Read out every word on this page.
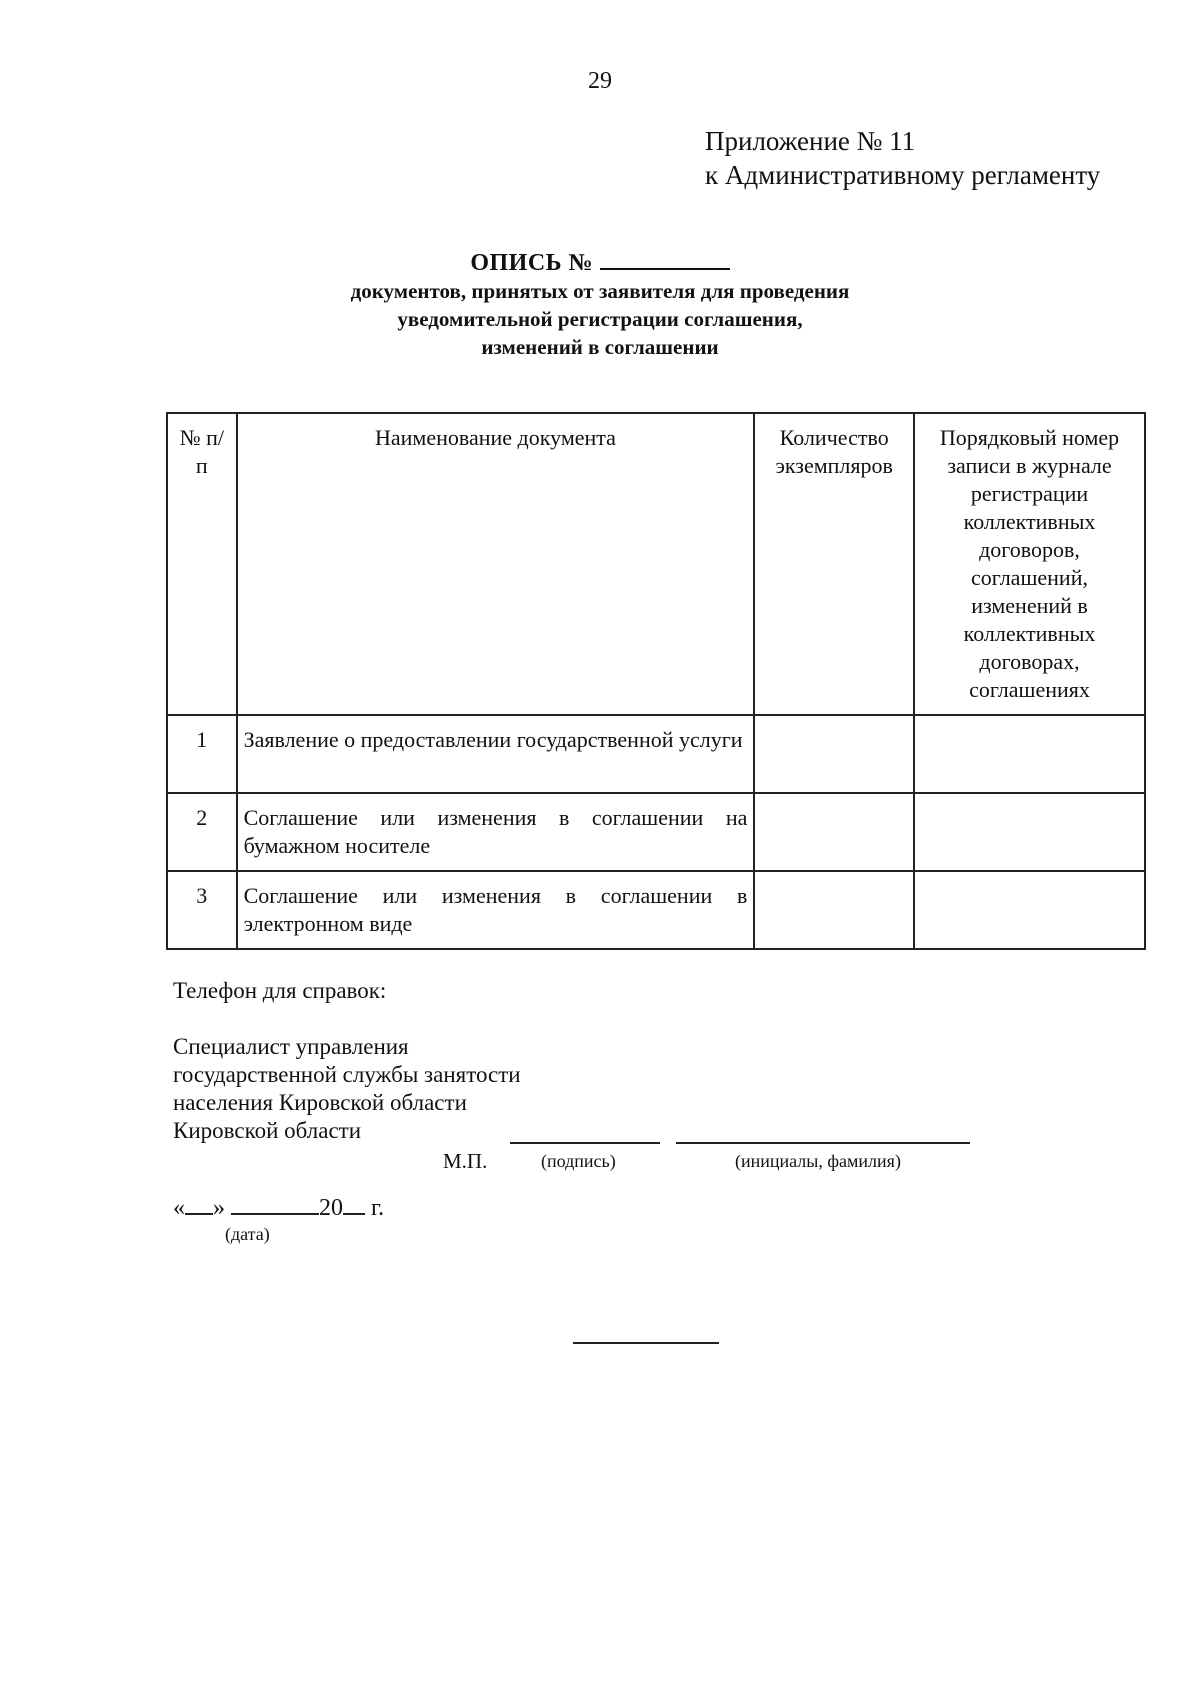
29
Приложение № 11
к Административному регламенту
ОПИСЬ №
документов, принятых от заявителя для проведения
уведомительной регистрации соглашения,
изменений в соглашении
№ п/п	Наименование документа	Количество экземпляров	Порядковый номер записи в журнале регистрации коллективных договоров, соглашений, изменений в коллективных договорах, соглашениях
1	Заявление о предоставлении государственной услуги		
2	Соглашение или изменения в соглашении на бумажном носителе		
3	Соглашение или изменения в соглашении в электронном виде		
Телефон для справок:
Специалист управления
государственной службы занятости
населения Кировской области
Кировской области
М.П.	(подпись)	(инициалы, фамилия)
« »	20 г.
(дата)
